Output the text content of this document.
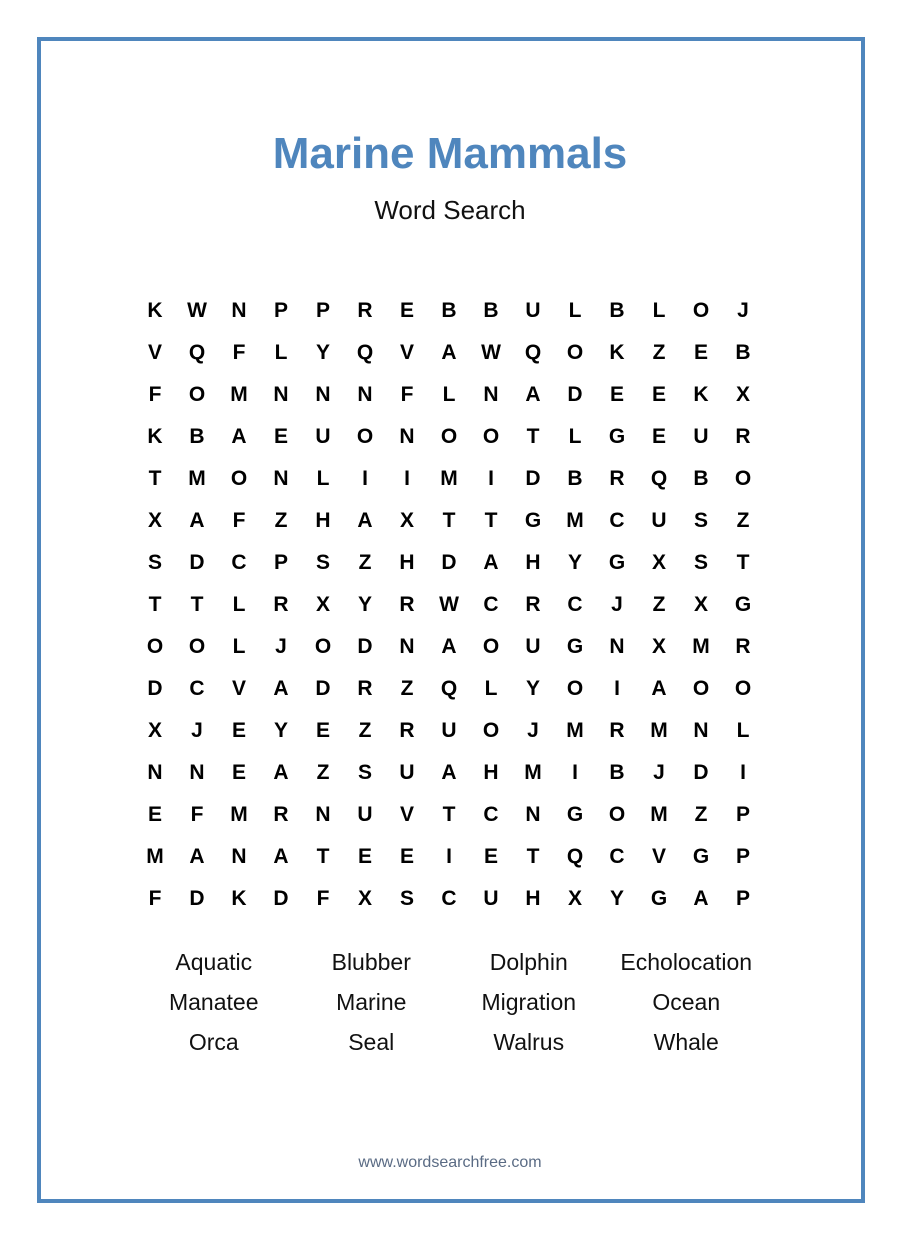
Marine Mammals
Word Search
K	W	N	P	P	R	E	B	B	U	L	B	L	O	J
V	Q	F	L	Y	Q	V	A	W	Q	O	K	Z	E	B
F	O	M	N	N	N	F	L	N	A	D	E	E	K	X
K	B	A	E	U	O	N	O	O	T	L	G	E	U	R
T	M	O	N	L	I	I	M	I	D	B	R	Q	B	O
X	A	F	Z	H	A	X	T	T	G	M	C	U	S	Z
S	D	C	P	S	Z	H	D	A	H	Y	G	X	S	T
T	T	L	R	X	Y	R	W	C	R	C	J	Z	X	G
O	O	L	J	O	D	N	A	O	U	G	N	X	M	R
D	C	V	A	D	R	Z	Q	L	Y	O	I	A	O	O
X	J	E	Y	E	Z	R	U	O	J	M	R	M	N	L
N	N	E	A	Z	S	U	A	H	M	I	B	J	D	I
E	F	M	R	N	U	V	T	C	N	G	O	M	Z	P
M	A	N	A	T	E	E	I	E	T	Q	C	V	G	P
F	D	K	D	F	X	S	C	U	H	X	Y	G	A	P
Aquatic	Blubber	Dolphin	Echolocation
Manatee	Marine	Migration	Ocean
Orca	Seal	Walrus	Whale
www.wordsearchfree.com
